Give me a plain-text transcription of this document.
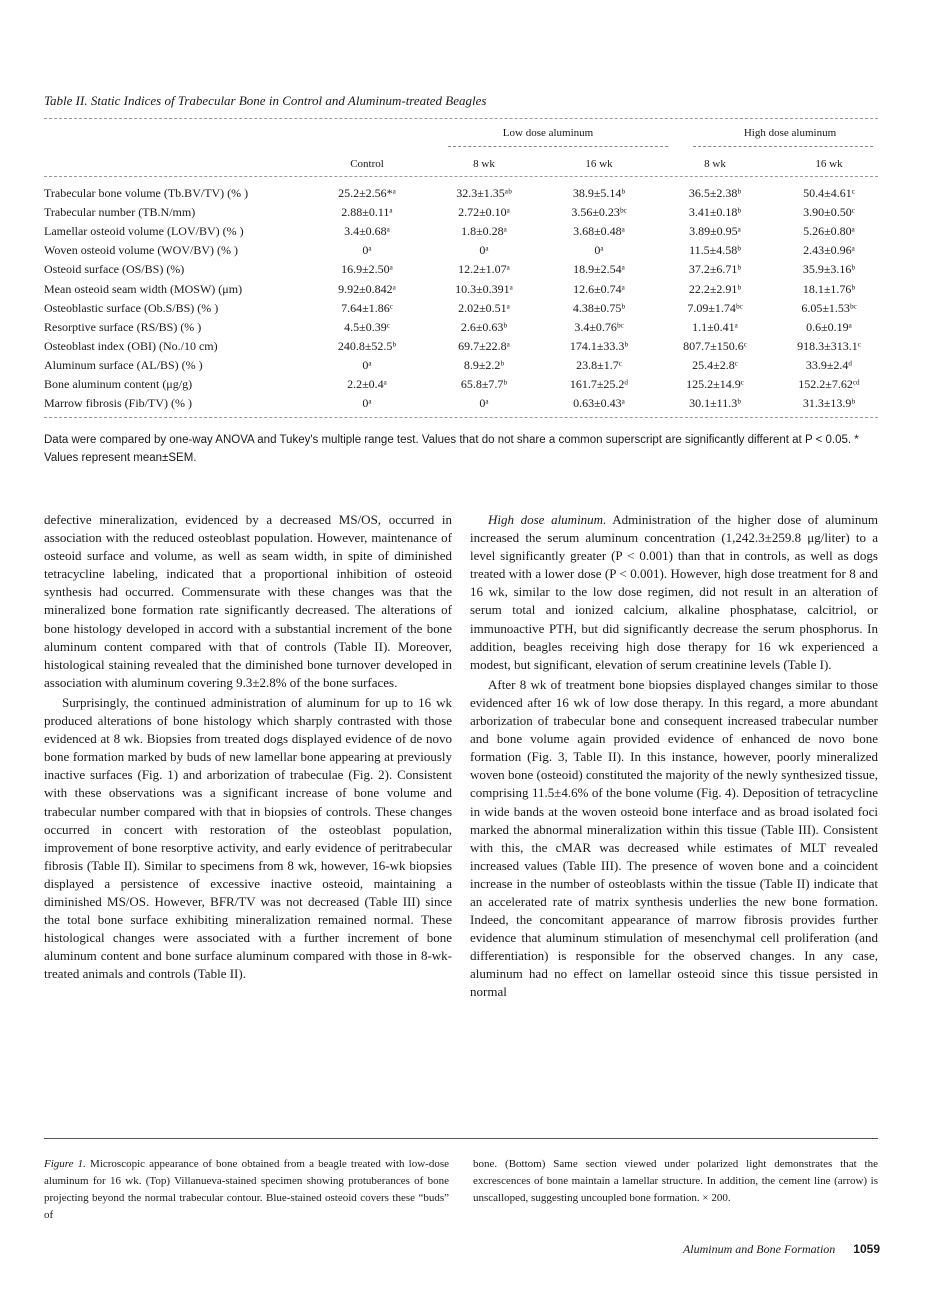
Table II. Static Indices of Trabecular Bone in Control and Aluminum-treated Beagles
Low dose aluminum	High dose aluminum
Control	8 wk	16 wk	8 wk	16 wk
Trabecular bone volume (Tb.BV/TV) (% )	25.2±2.56*ᵃ	32.3±1.35ᵃᵇ	38.9±5.14ᵇ	36.5±2.38ᵇ	50.4±4.61ᶜ
Trabecular number (TB.N/mm)	2.88±0.11ᵃ	2.72±0.10ᵃ	3.56±0.23ᵇᶜ	3.41±0.18ᵇ	3.90±0.50ᶜ
Lamellar osteoid volume (LOV/BV) (% )	3.4±0.68ᵃ	1.8±0.28ᵃ	3.68±0.48ᵃ	3.89±0.95ᵃ	5.26±0.80ᵃ
Woven osteoid volume (WOV/BV) (% )	0ᵃ	0ᵃ	0ᵃ	11.5±4.58ᵇ	2.43±0.96ᵃ
Osteoid surface (OS/BS) (%)	16.9±2.50ᵃ	12.2±1.07ᵃ	18.9±2.54ᵃ	37.2±6.71ᵇ	35.9±3.16ᵇ
Mean osteoid seam width (MOSW) (μm)	9.92±0.842ᵃ	10.3±0.391ᵃ	12.6±0.74ᵃ	22.2±2.91ᵇ	18.1±1.76ᵇ
Osteoblastic surface (Ob.S/BS) (% )	7.64±1.86ᶜ	2.02±0.51ᵃ	4.38±0.75ᵇ	7.09±1.74ᵇᶜ	6.05±1.53ᵇᶜ
Resorptive surface (RS/BS) (% )	4.5±0.39ᶜ	2.6±0.63ᵇ	3.4±0.76ᵇᶜ	1.1±0.41ᵃ	0.6±0.19ᵃ
Osteoblast index (OBI) (No./10 cm)	240.8±52.5ᵇ	69.7±22.8ᵃ	174.1±33.3ᵇ	807.7±150.6ᶜ	918.3±313.1ᶜ
Aluminum surface (AL/BS) (% )	0ᵃ	8.9±2.2ᵇ	23.8±1.7ᶜ	25.4±2.8ᶜ	33.9±2.4ᵈ
Bone aluminum content (μg/g)	2.2±0.4ᵃ	65.8±7.7ᵇ	161.7±25.2ᵈ	125.2±14.9ᶜ	152.2±7.62ᶜᵈ
Marrow fibrosis (Fib/TV) (% )	0ᵃ	0ᵃ	0.63±0.43ᵃ	30.1±11.3ᵇ	31.3±13.9ᵇ
Data were compared by one-way ANOVA and Tukey's multiple range test. Values that do not share a common superscript are significantly different at P < 0.05. * Values represent mean±SEM.

defective mineralization, evidenced by a decreased MS/OS, occurred in association with the reduced osteoblast population. However, maintenance of osteoid surface and volume, as well as seam width, in spite of diminished tetracycline labeling, indicated that a proportional inhibition of osteoid synthesis had occurred. Commensurate with these changes was that the mineralized bone formation rate significantly decreased. The alterations of bone histology developed in accord with a substantial increment of the bone aluminum content compared with that of controls (Table II). Moreover, histological staining revealed that the diminished bone turnover developed in association with aluminum covering 9.3±2.8% of the bone surfaces.

Surprisingly, the continued administration of aluminum for up to 16 wk produced alterations of bone histology which sharply contrasted with those evidenced at 8 wk. Biopsies from treated dogs displayed evidence of de novo bone formation marked by buds of new lamellar bone appearing at previously inactive surfaces (Fig. 1) and arborization of trabeculae (Fig. 2). Consistent with these observations was a significant increase of bone volume and trabecular number compared with that in biopsies of controls. These changes occurred in concert with restoration of the osteoblast population, improvement of bone resorptive activity, and early evidence of peritrabecular fibrosis (Table II). Similar to specimens from 8 wk, however, 16-wk biopsies displayed a persistence of excessive inactive osteoid, maintaining a diminished MS/OS. However, BFR/TV was not decreased (Table III) since the total bone surface exhibiting mineralization remained normal. These histological changes were associated with a further increment of bone aluminum content and bone surface aluminum compared with those in 8-wk-treated animals and controls (Table II).

High dose aluminum. Administration of the higher dose of aluminum increased the serum aluminum concentration (1,242.3±259.8 μg/liter) to a level significantly greater (P < 0.001) than that in controls, as well as dogs treated with a lower dose (P < 0.001). However, high dose treatment for 8 and 16 wk, similar to the low dose regimen, did not result in an alteration of serum total and ionized calcium, alkaline phosphatase, calcitriol, or immunoactive PTH, but did significantly decrease the serum phosphorus. In addition, beagles receiving high dose therapy for 16 wk experienced a modest, but significant, elevation of serum creatinine levels (Table I).

After 8 wk of treatment bone biopsies displayed changes similar to those evidenced after 16 wk of low dose therapy. In this regard, a more abundant arborization of trabecular bone and consequent increased trabecular number and bone volume again provided evidence of enhanced de novo bone formation (Fig. 3, Table II). In this instance, however, poorly mineralized woven bone (osteoid) constituted the majority of the newly synthesized tissue, comprising 11.5±4.6% of the bone volume (Fig. 4). Deposition of tetracycline in wide bands at the woven osteoid bone interface and as broad isolated foci marked the abnormal mineralization within this tissue (Table III). Consistent with this, the cMAR was decreased while estimates of MLT revealed increased values (Table III). The presence of woven bone and a coincident increase in the number of osteoblasts within the tissue (Table II) indicate that an accelerated rate of matrix synthesis underlies the new bone formation. Indeed, the concomitant appearance of marrow fibrosis provides further evidence that aluminum stimulation of mesenchymal cell proliferation (and differentiation) is responsible for the observed changes. In any case, aluminum had no effect on lamellar osteoid since this tissue persisted in normal

Figure 1. Microscopic appearance of bone obtained from a beagle treated with low-dose aluminum for 16 wk. (Top) Villanueva-stained specimen showing protuberances of bone projecting beyond the normal trabecular contour. Blue-stained osteoid covers these “buds” of
bone. (Bottom) Same section viewed under polarized light demonstrates that the excrescences of bone maintain a lamellar structure. In addition, the cement line (arrow) is unscalloped, suggesting uncoupled bone formation. × 200.
Aluminum and Bone Formation 1059
